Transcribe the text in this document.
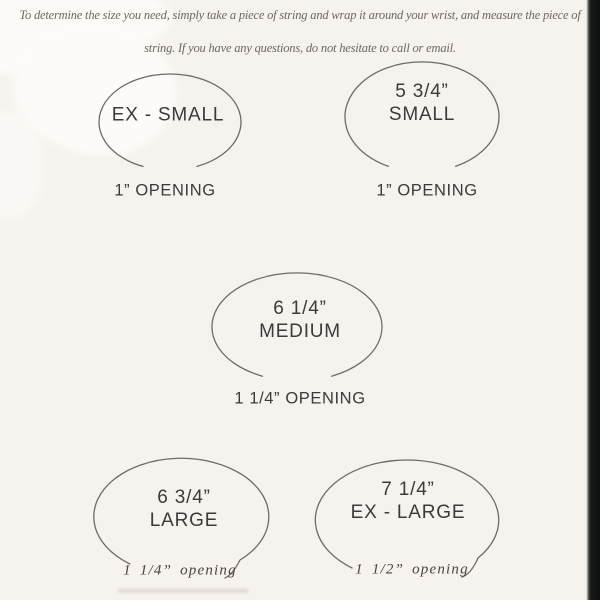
To determine the size you need, simply take a piece of string and wrap it around your wrist, and measure the piece of
string. If you have any questions, do not hesitate to call or email.
EX - SMALL
5 3/4”
SMALL
6 1/4”
MEDIUM
6 3/4”
LARGE
7 1/4”
EX - LARGE
1” OPENING	1” OPENING
1 1/4” OPENING
1 1/4” opening	1 1/2” opening
